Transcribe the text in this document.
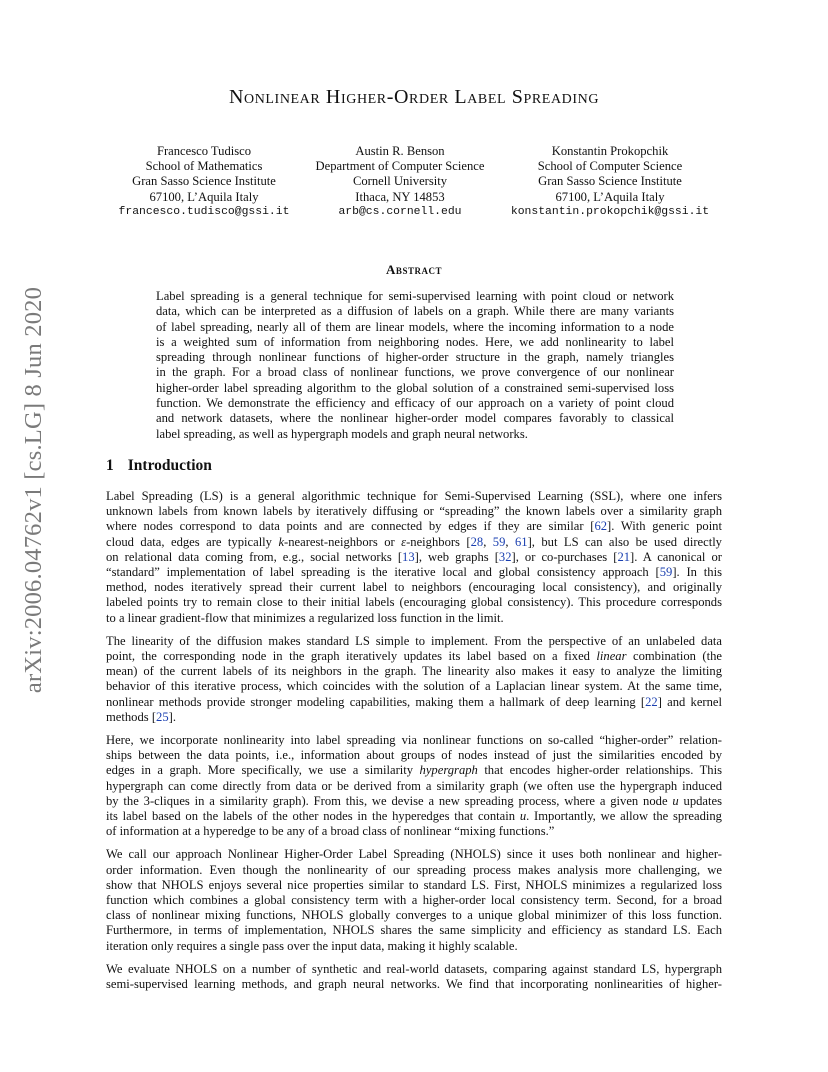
arXiv:2006.04762v1 [cs.LG] 8 Jun 2020
Nonlinear Higher-Order Label Spreading
Francesco Tudisco
School of Mathematics
Gran Sasso Science Institute
67100, L’Aquila Italy
francesco.tudisco@gssi.it
Austin R. Benson
Department of Computer Science
Cornell University
Ithaca, NY 14853
arb@cs.cornell.edu
Konstantin Prokopchik
School of Computer Science
Gran Sasso Science Institute
67100, L’Aquila Italy
konstantin.prokopchik@gssi.it
Abstract
Label spreading is a general technique for semi-supervised learning with point cloud or network
data, which can be interpreted as a diffusion of labels on a graph. While there are many variants
of label spreading, nearly all of them are linear models, where the incoming information to a node
is a weighted sum of information from neighboring nodes. Here, we add nonlinearity to label
spreading through nonlinear functions of higher-order structure in the graph, namely triangles
in the graph. For a broad class of nonlinear functions, we prove convergence of our nonlinear
higher-order label spreading algorithm to the global solution of a constrained semi-supervised loss
function. We demonstrate the efficiency and efficacy of our approach on a variety of point cloud
and network datasets, where the nonlinear higher-order model compares favorably to classical
label spreading, as well as hypergraph models and graph neural networks.
1 Introduction

Label Spreading (LS) is a general algorithmic technique for Semi-Supervised Learning (SSL), where one infers
unknown labels from known labels by iteratively diffusing or “spreading” the known labels over a similarity graph
where nodes correspond to data points and are connected by edges if they are similar [62]. With generic point
cloud data, edges are typically k-nearest-neighbors or ε-neighbors [28, 59, 61], but LS can also be used directly
on relational data coming from, e.g., social networks [13], web graphs [32], or co-purchases [21]. A canonical or
“standard” implementation of label spreading is the iterative local and global consistency approach [59]. In this
method, nodes iteratively spread their current label to neighbors (encouraging local consistency), and originally
labeled points try to remain close to their initial labels (encouraging global consistency). This procedure corresponds
to a linear gradient-flow that minimizes a regularized loss function in the limit.

The linearity of the diffusion makes standard LS simple to implement. From the perspective of an unlabeled data
point, the corresponding node in the graph iteratively updates its label based on a fixed linear combination (the
mean) of the current labels of its neighbors in the graph. The linearity also makes it easy to analyze the limiting
behavior of this iterative process, which coincides with the solution of a Laplacian linear system. At the same time,
nonlinear methods provide stronger modeling capabilities, making them a hallmark of deep learning [22] and kernel
methods [25].

Here, we incorporate nonlinearity into label spreading via nonlinear functions on so-called “higher-order” relation-
ships between the data points, i.e., information about groups of nodes instead of just the similarities encoded by
edges in a graph. More specifically, we use a similarity hypergraph that encodes higher-order relationships. This
hypergraph can come directly from data or be derived from a similarity graph (we often use the hypergraph induced
by the 3-cliques in a similarity graph). From this, we devise a new spreading process, where a given node u updates
its label based on the labels of the other nodes in the hyperedges that contain u. Importantly, we allow the spreading
of information at a hyperedge to be any of a broad class of nonlinear “mixing functions.”

We call our approach Nonlinear Higher-Order Label Spreading (NHOLS) since it uses both nonlinear and higher-
order information. Even though the nonlinearity of our spreading process makes analysis more challenging, we
show that NHOLS enjoys several nice properties similar to standard LS. First, NHOLS minimizes a regularized loss
function which combines a global consistency term with a higher-order local consistency term. Second, for a broad
class of nonlinear mixing functions, NHOLS globally converges to a unique global minimizer of this loss function.
Furthermore, in terms of implementation, NHOLS shares the same simplicity and efficiency as standard LS. Each
iteration only requires a single pass over the input data, making it highly scalable.

We evaluate NHOLS on a number of synthetic and real-world datasets, comparing against standard LS, hypergraph
semi-supervised learning methods, and graph neural networks. We find that incorporating nonlinearities of higher-
